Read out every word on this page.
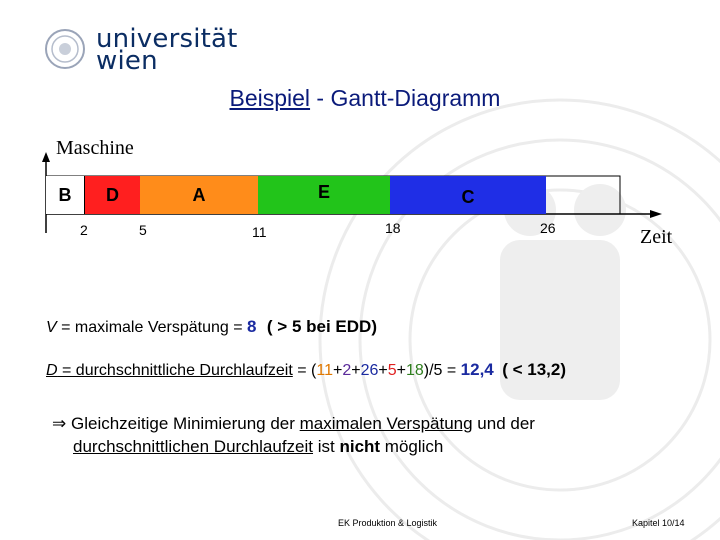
universität
wien
Beispiel - Gantt-Diagramm
Maschine
Zeit
B D	A	E	C
2	5	11	18	26
V = maximale Verspätung = 8 ( > 5 bei EDD)
D = durchschnittliche Durchlaufzeit = (11+2+26+5+18)/5 = 12,4 ( < 13,2)
⇒ Gleichzeitige Minimierung der maximalen Verspätung und der
durchschnittlichen Durchlaufzeit ist nicht möglich
EK Produktion & Logistik	Kapitel 10/14
